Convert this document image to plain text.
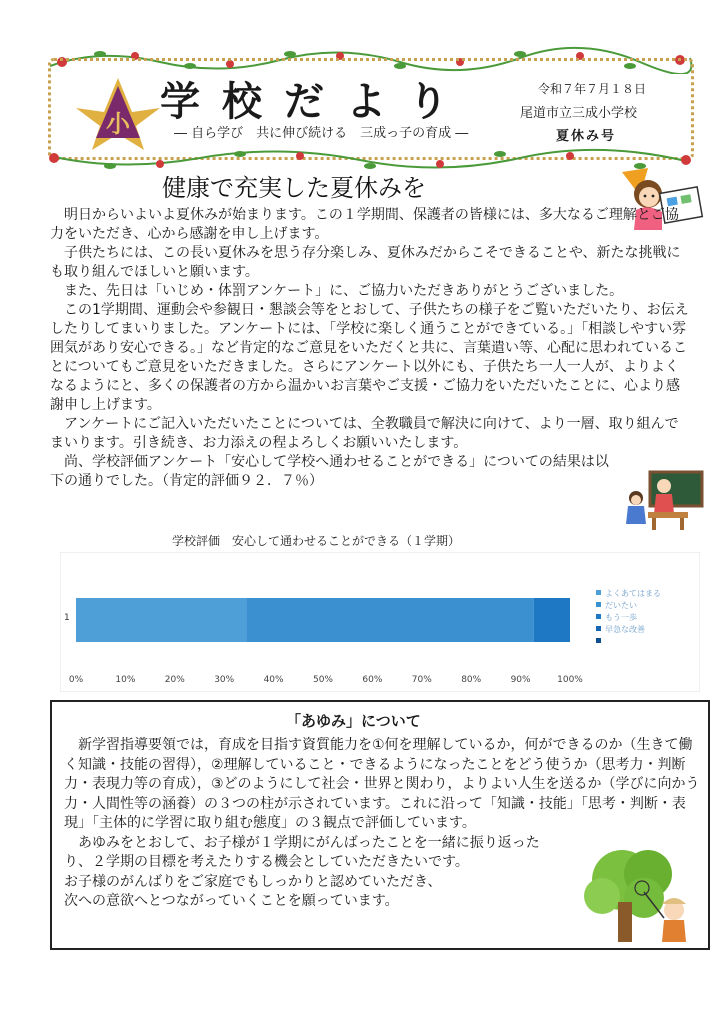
小 学校だより
― 自ら学び　共に伸び続ける　三成っ子の育成 ―
令和７年７月１８日
尾道市立三成小学校
夏休み号
健康で充実した夏休みを

明日からいよいよ夏休みが始まります。この１学期間、保護者の皆様には、多大なるご理解とご協力をいただき、心から感謝を申し上げます。

子供たちには、この長い夏休みを思う存分楽しみ、夏休みだからこそできることや、新たな挑戦にも取り組んでほしいと願います。

また、先日は「いじめ・体罰アンケート」に、ご協力いただきありがとうございました。

この1学期間、運動会や参観日・懇談会等をとおして、子供たちの様子をご覧いただいたり、お伝えしたりしてまいりました。アンケートには、「学校に楽しく通うことができている。」「相談しやすい雰囲気があり安心できる。」など肯定的なご意見をいただくと共に、言葉遣い等、心配に思われていることについてもご意見をいただきました。さらにアンケート以外にも、子供たち一人一人が、よりよくなるようにと、多くの保護者の方から温かいお言葉やご支援・ご協力をいただいたことに、心より感謝申し上げます。

アンケートにご記入いただいたことについては、全教職員で解決に向けて、より一層、取り組んでまいります。引き続き、お力添えの程よろしくお願いいたします。

尚、学校評価アンケート「安心して学校へ通わせることができる」についての結果は以下の通りでした。（肯定的評価９２．７％）

学校評価　安心して通わせることができる（１学期）
0%	10%	20%	30%	40%	50%	60%	70%	80%	90%	100%
よくあてはまる
だいたい
もう一歩
早急な改善
1
「あゆみ」について

新学習指導要領では，育成を目指す資質能力を①何を理解しているか，何ができるのか（生きて働く知識・技能の習得），②理解していること・できるようになったことをどう使うか（思考力・判断力・表現力等の育成），③どのようにして社会・世界と関わり，よりよい人生を送るか（学びに向かう力・人間性等の涵養）の３つの柱が示されています。これに沿って「知識・技能」「思考・判断・表現」「主体的に学習に取り組む態度」の３観点で評価しています。

あゆみをとおして、お子様が１学期にがんばったことを一緒に振り返ったり、２学期の目標を考えたりする機会としていただきたいです。

お子様のがんばりをご家庭でもしっかりと認めていただき、

次への意欲へとつながっていくことを願っています。
